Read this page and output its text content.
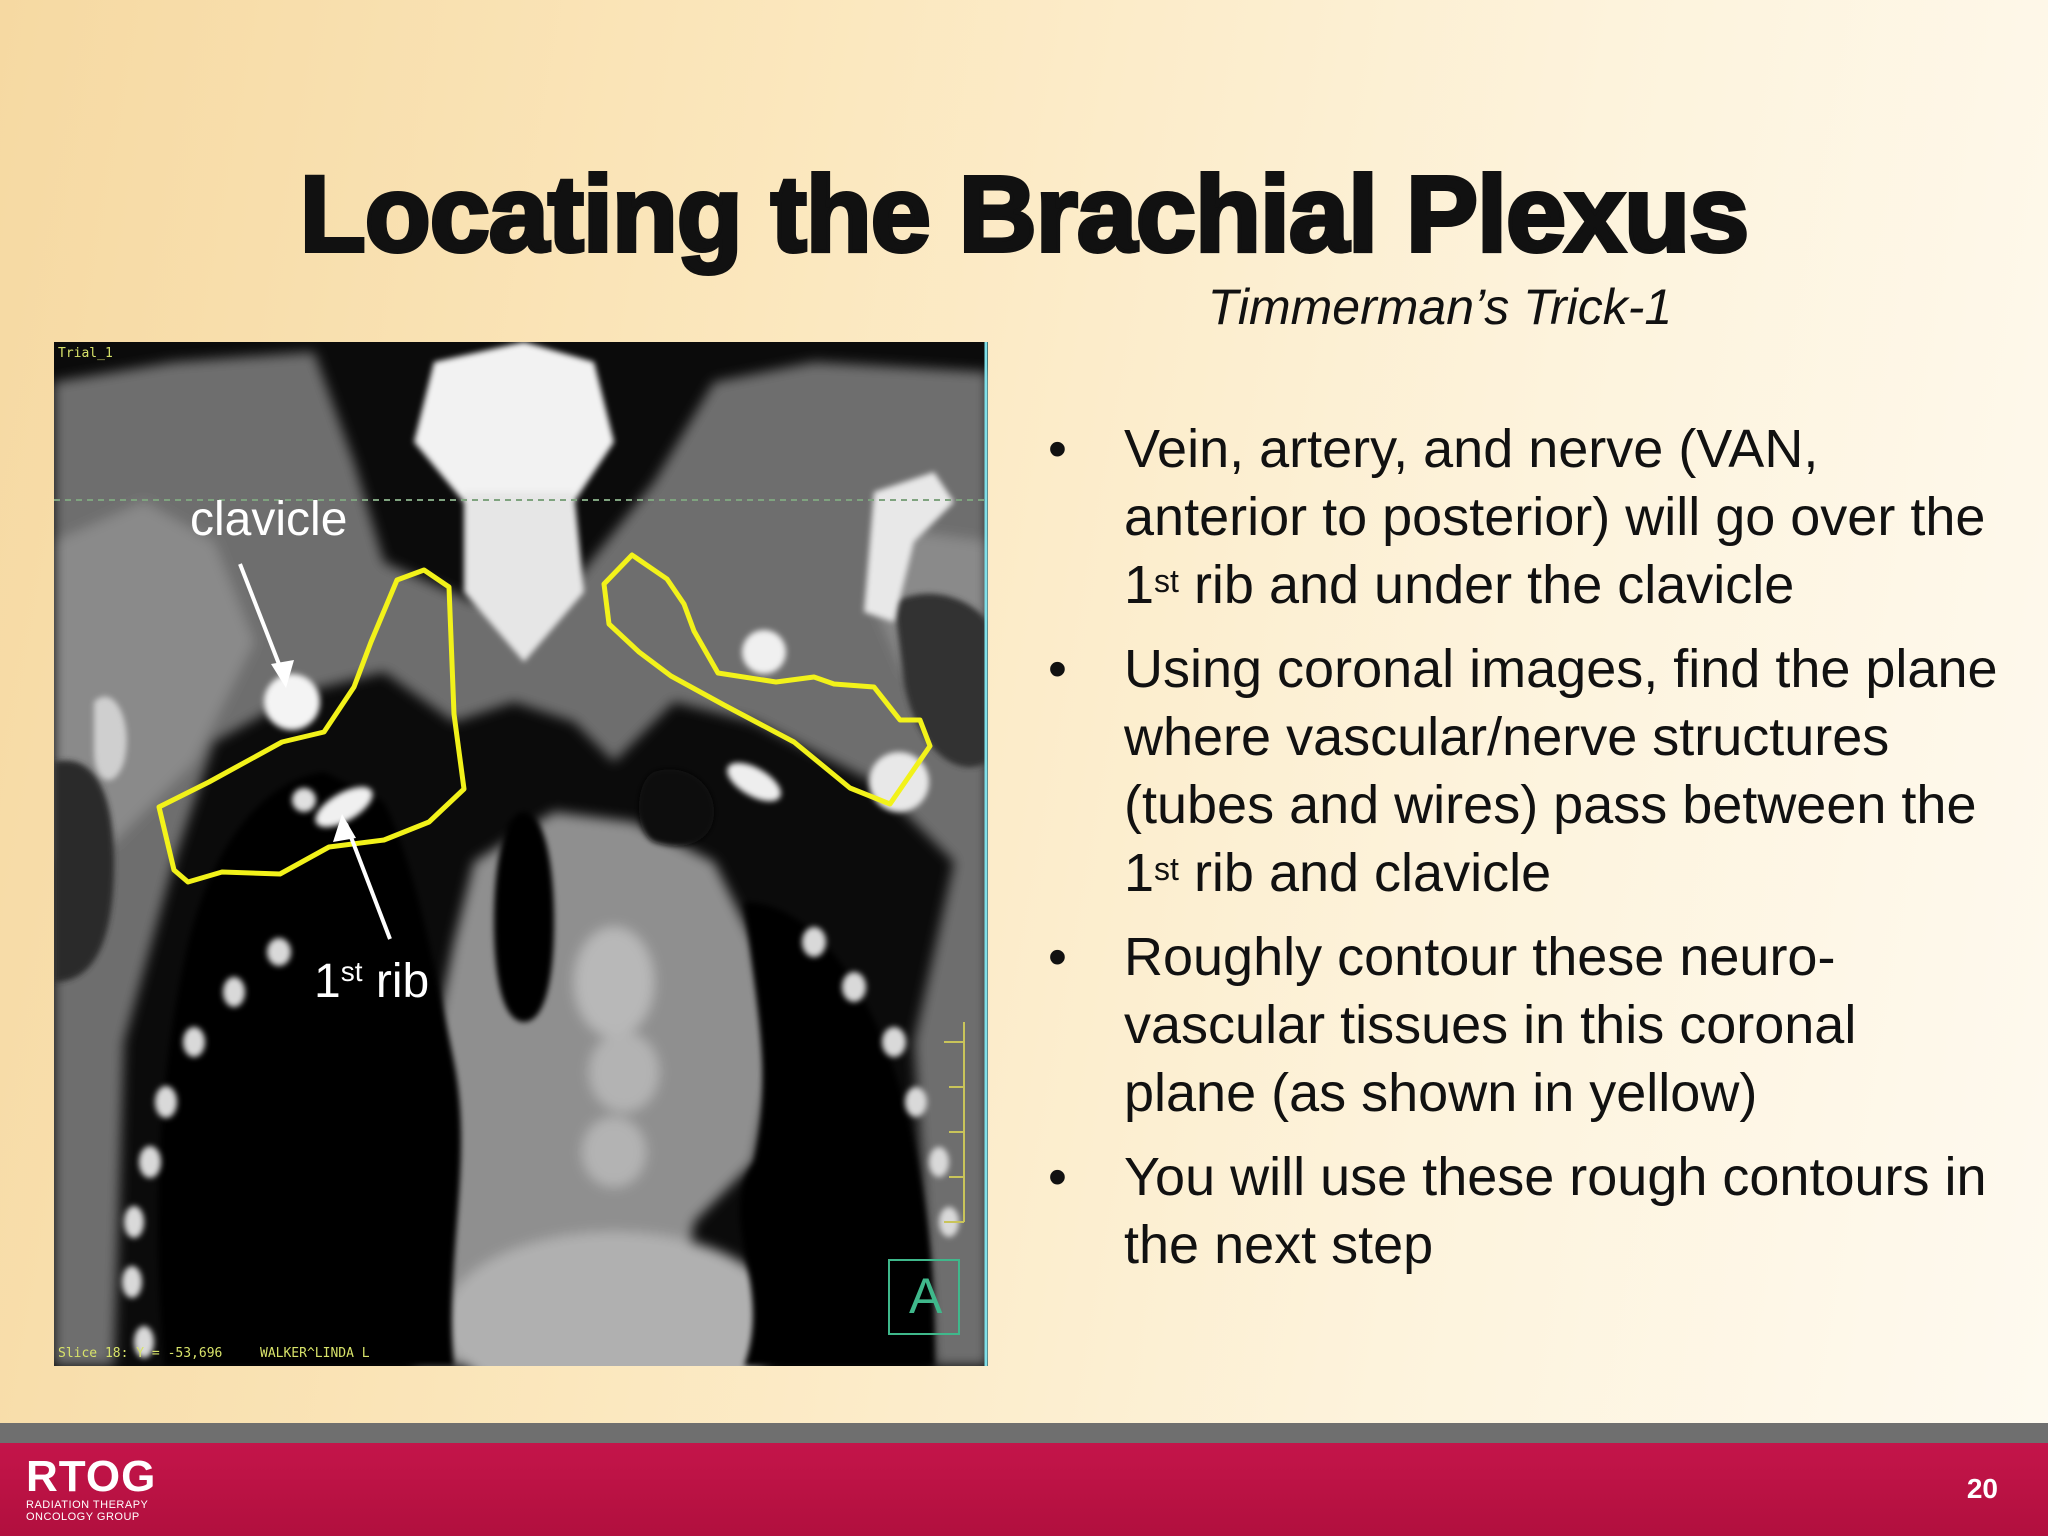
Locating the Brachial Plexus
Timmerman’s Trick-1
Trial_1
Slice 18: Y = -53,696	WALKER^LINDA L
A
clavicle
1st rib
• Vein, artery, and nerve (VAN, anterior to posterior) will go over the 1st rib and under the clavicle
• Using coronal images, find the plane where vascular/nerve structures (tubes and wires) pass between the 1st rib and clavicle
• Roughly contour these neuro-vascular tissues in this coronal plane (as shown in yellow)
• You will use these rough contours in the next step
RTOG
RADIATION THERAPY
ONCOLOGY GROUP
20
